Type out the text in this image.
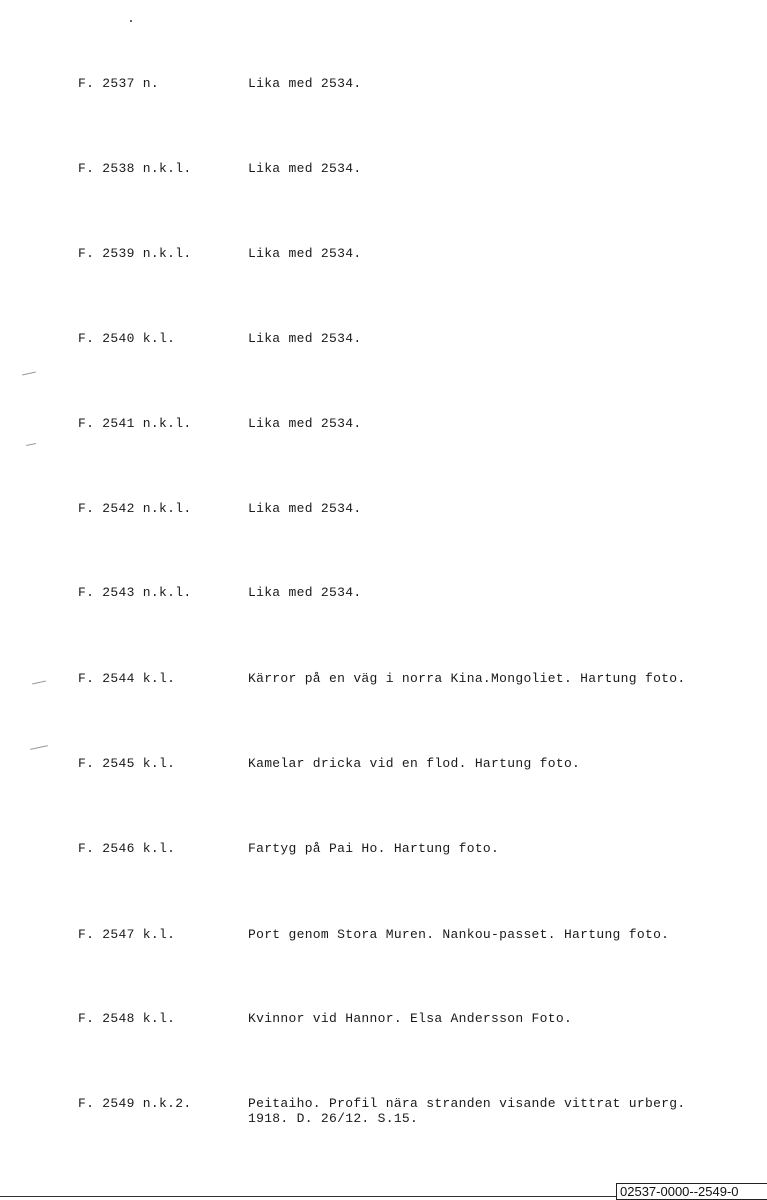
F. 2537 n.	Lika med 2534.
F. 2538 n.k.l.	Lika med 2534.
F. 2539 n.k.l.	Lika med 2534.
F. 2540 k.l.	Lika med 2534.
F. 2541 n.k.l.	Lika med 2534.
F. 2542 n.k.l.	Lika med 2534.
F. 2543 n.k.l.	Lika med 2534.
F. 2544 k.l.	Kärror på en väg i norra Kina.Mongoliet. Hartung foto.
F. 2545 k.l.	Kamelar dricka vid en flod. Hartung foto.
F. 2546 k.l.	Fartyg på Pai Ho. Hartung foto.
F. 2547 k.l.	Port genom Stora Muren. Nankou-passet. Hartung foto.
F. 2548 k.l.	Kvinnor vid Hannor. Elsa Andersson Foto.
F. 2549 n.k.2.	Peitaiho. Profil nära stranden visande vittrat urberg.
1918. D. 26/12. S.15.
02537-0000--2549-0
